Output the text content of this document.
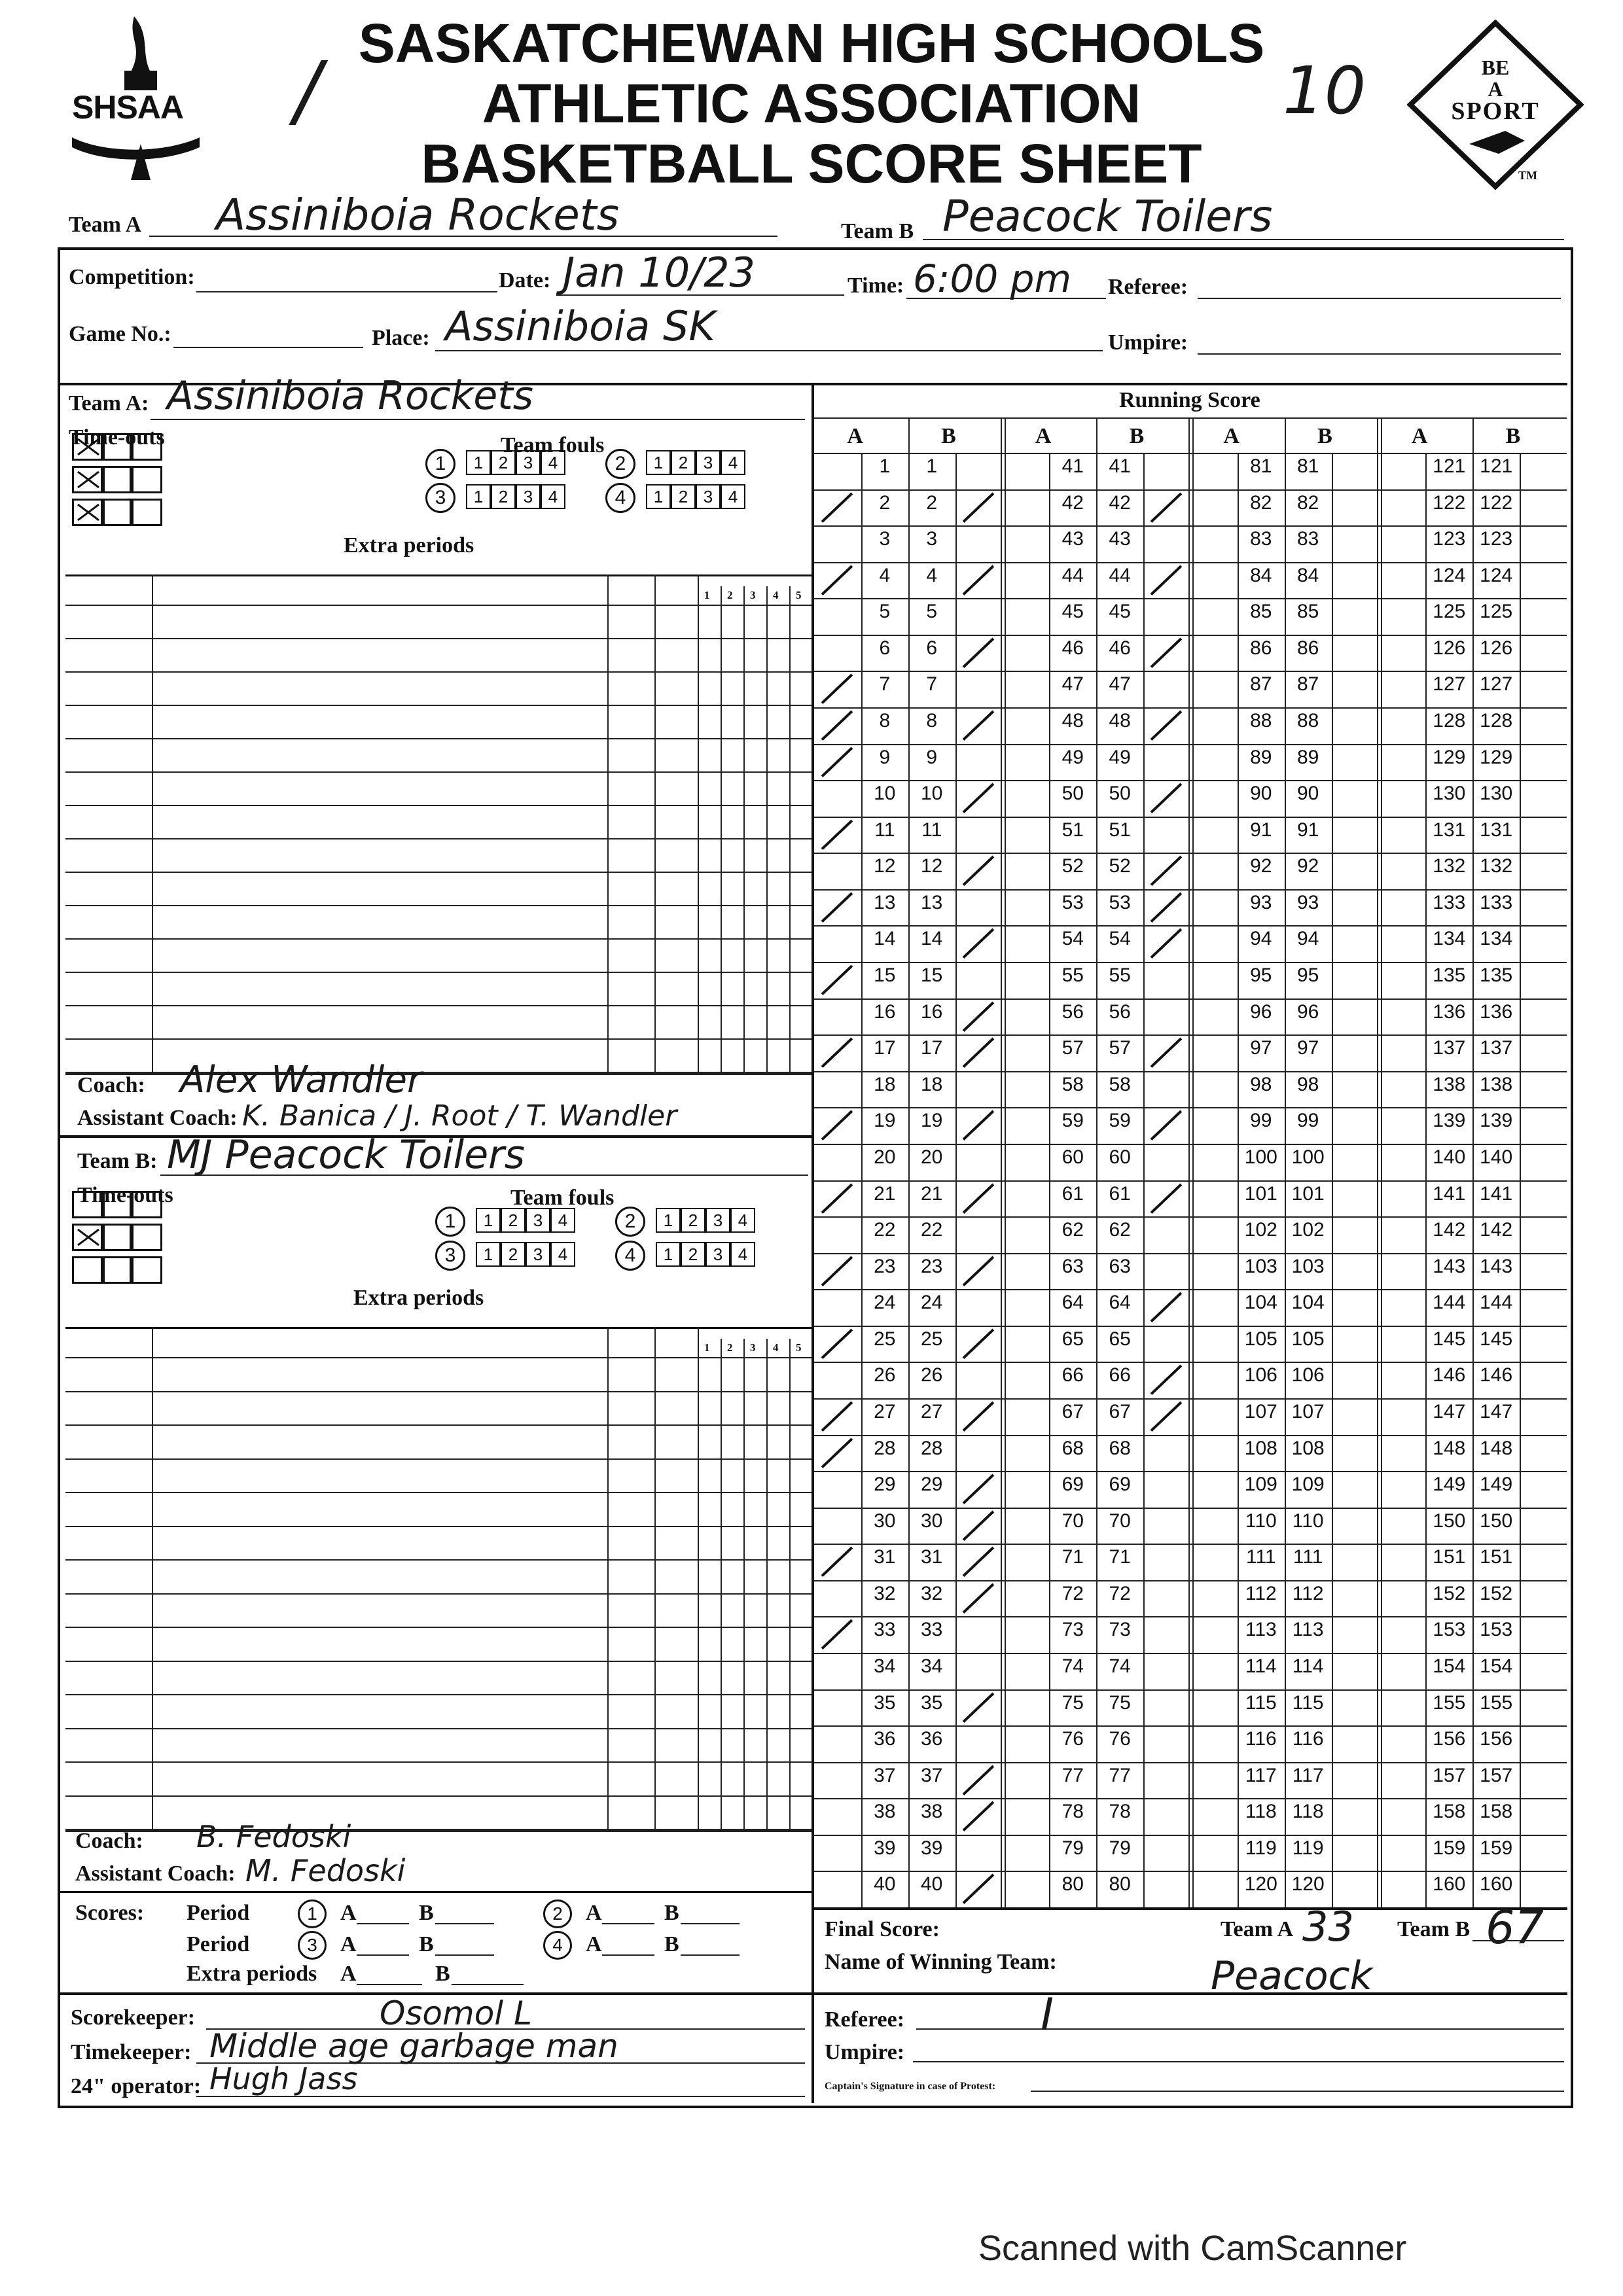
SHSAA /
SASKATCHEWAN HIGH SCHOOLS
ATHLETIC ASSOCIATION
BASKETBALL SCORE SHEET
10	BE
A
SPORT
TM
Team A Assiniboia Rockets	Team B Peacock Toilers
Competition:	Date: Jan 10/23	Time: 6:00 pm Referee:
Game No.:	Place: Assiniboia SK	Umpire:
Team A: Assiniboia Rockets
Time-outs	Team fouls
1	1 2 3 4	2	1 2 3 4
3	1 2 3 4	4	1 2 3 4
Extra periods
1 2 3 4 5
Coach: Alex Wandler
Assistant Coach: K. Banica / J. Root / T. Wandler
Team B: MJ Peacock Toilers
Time-outs	Team fouls
1	1 2 3 4	2	1 2 3 4
3	1 2 3 4	4	1 2 3 4
Extra periods
1 2 3 4 5
Coach: B. Fedoski
Assistant Coach: M. Fedoski
Scores: Period	1	A	B	2	A	B
Period	3	A	B	4	A	B
Extra periods A	B
Scorekeeper:	Osomol L
Timekeeper: Middle age garbage man
24" operator: Hugh Jass
Running Score
A	B
1	1
2	2
3	3
4	4
5	5
6	6
7	7
8	8
9	9
10	10
11	11
12	12
13	13
14	14
15	15
16	16
17	17
18	18
19	19
20	20
21	21
22	22
23	23
24	24
25	25
26	26
27	27
28	28
29	29
30	30
31	31
32	32
33	33
34	34
35	35
36	36
37	37
38	38
39	39
40	40
A	B
41	41
42	42
43	43
44	44
45	45
46	46
47	47
48	48
49	49
50	50
51	51
52	52
53	53
54	54
55	55
56	56
57	57
58	58
59	59
60	60
61	61
62	62
63	63
64	64
65	65
66	66
67	67
68	68
69	69
70	70
71	71
72	72
73	73
74	74
75	75
76	76
77	77
78	78
79	79
80	80
A	B
81	81
82	82
83	83
84	84
85	85
86	86
87	87
88	88
89	89
90	90
91	91
92	92
93	93
94	94
95	95
96	96
97	97
98	98
99	99
100 100
101 101
102 102
103 103
104 104
105 105
106 106
107 107
108 108
109 109
110 110
111 111
112 112
113 113
114 114
115 115
116 116
117 117
118 118
119 119
120 120
A	B
121 121
122 122
123 123
124 124
125 125
126 126
127 127
128 128
129 129
130 130
131 131
132 132
133 133
134 134
135 135
136 136
137 137
138 138
139 139
140 140
141 141
142 142
143 143
144 144
145 145
146 146
147 147
148 148
149 149
150 150
151 151
152 152
153 153
154 154
155 155
156 156
157 157
158 158
159 159
160 160
Final Score:	Team A 33 Team B 67
Name of Winning Team:	Peacock
Referee:	I
Umpire:
Captain's Signature in case of Protest:
Scanned with CamScanner
